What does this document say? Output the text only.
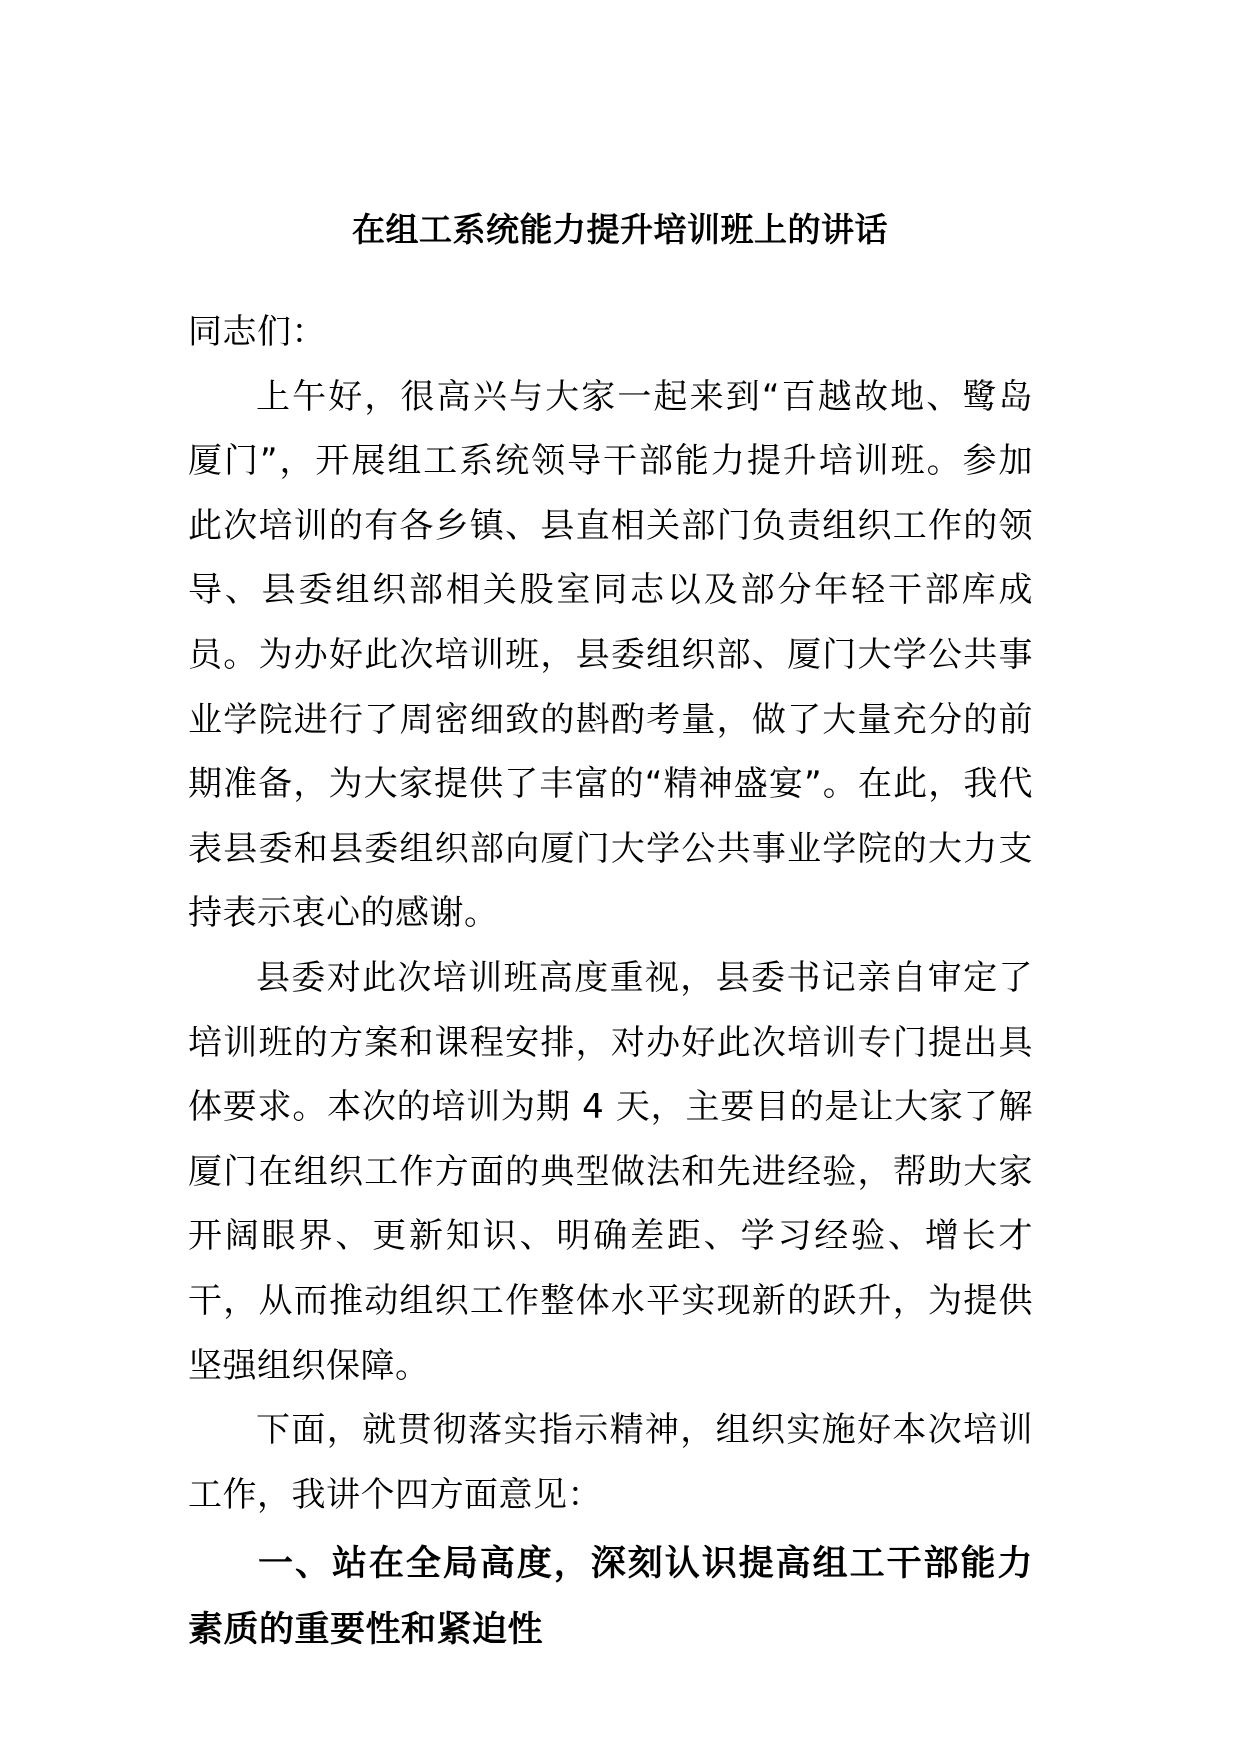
在组工系统能力提升培训班上的讲话

同志们：

上午好，很高兴与大家一起来到“百越故地、鹭岛厦门”，开展组工系统领导干部能力提升培训班。参加此次培训的有各乡镇、县直相关部门负责组织工作的领导、县委组织部相关股室同志以及部分年轻干部库成员。为办好此次培训班，县委组织部、厦门大学公共事业学院进行了周密细致的斟酌考量，做了大量充分的前期准备，为大家提供了丰富的“精神盛宴”。在此，我代表县委和县委组织部向厦门大学公共事业学院的大力支持表示衷心的感谢。

县委对此次培训班高度重视，县委书记亲自审定了培训班的方案和课程安排，对办好此次培训专门提出具体要求。本次的培训为期 4 天，主要目的是让大家了解厦门在组织工作方面的典型做法和先进经验，帮助大家开阔眼界、更新知识、明确差距、学习经验、增长才干，从而推动组织工作整体水平实现新的跃升，为提供坚强组织保障。

下面，就贯彻落实指示精神，组织实施好本次培训工作，我讲个四方面意见：

一、站在全局高度，深刻认识提高组工干部能力素质的重要性和紧迫性
